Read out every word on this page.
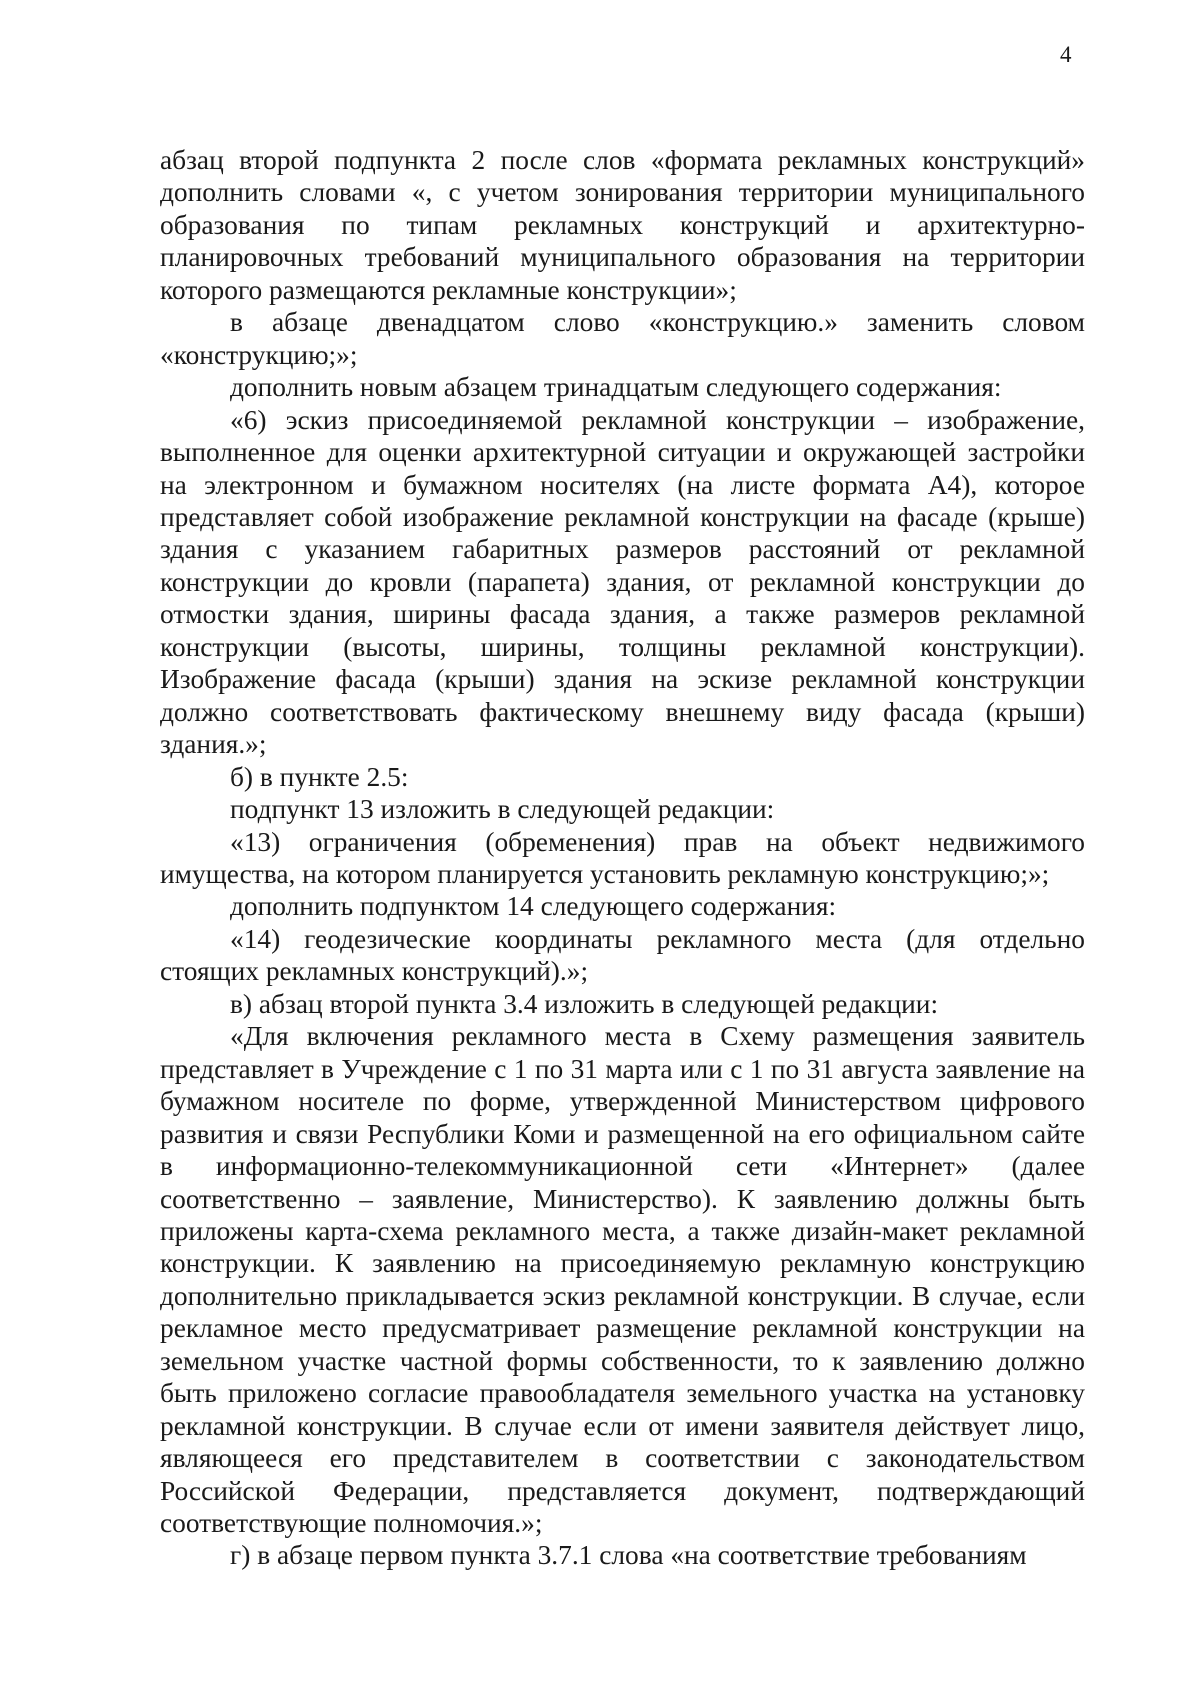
4

абзац второй подпункта 2 после слов «формата рекламных конструкций» дополнить словами «, с учетом зонирования территории муниципального образования по типам рекламных конструкций и архитектурно-планировочных требований муниципального образования на территории которого размещаются рекламные конструкции»;

в абзаце двенадцатом слово «конструкцию.» заменить словом «конструкцию;»;

дополнить новым абзацем тринадцатым следующего содержания:

«6) эскиз присоединяемой рекламной конструкции – изображение, выполненное для оценки архитектурной ситуации и окружающей застройки на электронном и бумажном носителях (на листе формата А4), которое представляет собой изображение рекламной конструкции на фасаде (крыше) здания с указанием габаритных размеров расстояний от рекламной конструкции до кровли (парапета) здания, от рекламной конструкции до отмостки здания, ширины фасада здания, а также размеров рекламной конструкции (высоты, ширины, толщины рекламной конструкции). Изображение фасада (крыши) здания на эскизе рекламной конструкции должно соответствовать фактическому внешнему виду фасада (крыши) здания.»;

б) в пункте 2.5:

подпункт 13 изложить в следующей редакции:

«13) ограничения (обременения) прав на объект недвижимого имущества, на котором планируется установить рекламную конструкцию;»;

дополнить подпунктом 14 следующего содержания:

«14) геодезические координаты рекламного места (для отдельно стоящих рекламных конструкций).»;

в) абзац второй пункта 3.4 изложить в следующей редакции:

«Для включения рекламного места в Схему размещения заявитель представляет в Учреждение с 1 по 31 марта или с 1 по 31 августа заявление на бумажном носителе по форме, утвержденной Министерством цифрового развития и связи Республики Коми и размещенной на его официальном сайте в информационно-телекоммуникационной сети «Интернет» (далее соответственно – заявление, Министерство). К заявлению должны быть приложены карта-схема рекламного места, а также дизайн-макет рекламной конструкции. К заявлению на присоединяемую рекламную конструкцию дополнительно прикладывается эскиз рекламной конструкции. В случае, если рекламное место предусматривает размещение рекламной конструкции на земельном участке частной формы собственности, то к заявлению должно быть приложено согласие правообладателя земельного участка на установку рекламной конструкции. В случае если от имени заявителя действует лицо, являющееся его представителем в соответствии с законодательством Российской Федерации, представляется документ, подтверждающий соответствующие полномочия.»;

г) в абзаце первом пункта 3.7.1 слова «на соответствие требованиям
